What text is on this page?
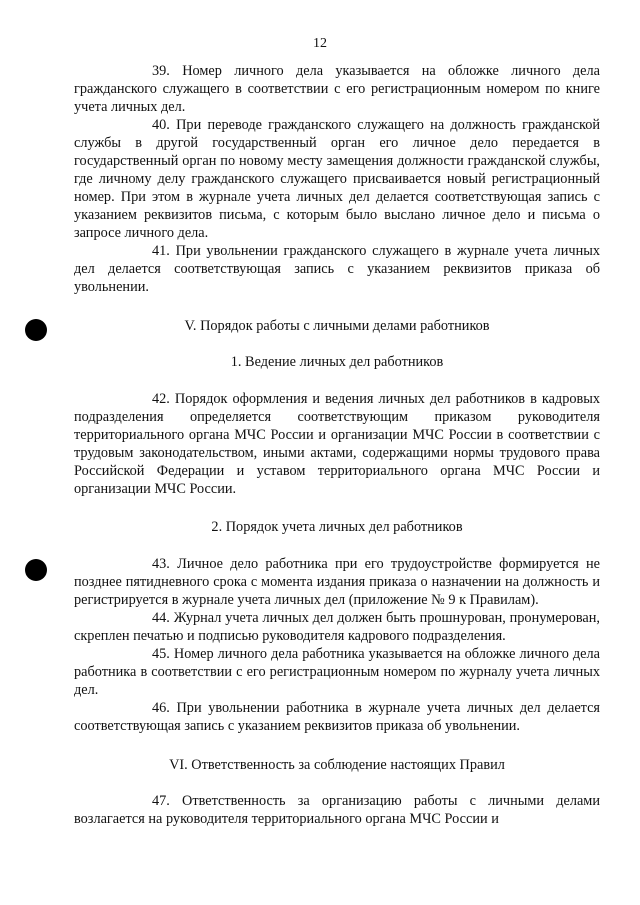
12

39. Номер личного дела указывается на обложке личного дела гражданского служащего в соответствии с его регистрационным номером по книге учета личных дел.

40. При переводе гражданского служащего на должность гражданской службы в другой государственный орган его личное дело передается в государственный орган по новому месту замещения должности гражданской службы, где личному делу гражданского служащего присваивается новый регистрационный номер. При этом в журнале учета личных дел делается соответствующая запись с указанием реквизитов письма, с которым было выслано личное дело и письма о запросе личного дела.

41. При увольнении гражданского служащего в журнале учета личных дел делается соответствующая запись с указанием реквизитов приказа об увольнении.

V. Порядок работы с личными делами работников

1. Ведение личных дел работников

42. Порядок оформления и ведения личных дел работников в кадровых подразделения определяется соответствующим приказом руководителя территориального органа МЧС России и организации МЧС России в соответствии с трудовым законодательством, иными актами, содержащими нормы трудового права Российской Федерации и уставом территориального органа МЧС России и организации МЧС России.

2. Порядок учета личных дел работников

43. Личное дело работника при его трудоустройстве формируется не позднее пятидневного срока с момента издания приказа о назначении на должность и регистрируется в журнале учета личных дел (приложение № 9 к Правилам).

44. Журнал учета личных дел должен быть прошнурован, пронумерован, скреплен печатью и подписью руководителя кадрового подразделения.

45. Номер личного дела работника указывается на обложке личного дела работника в соответствии с его регистрационным номером по журналу учета личных дел.

46. При увольнении работника в журнале учета личных дел делается соответствующая запись с указанием реквизитов приказа об увольнении.

VI. Ответственность за соблюдение настоящих Правил

47. Ответственность за организацию работы с личными делами возлагается на руководителя территориального органа МЧС России и
